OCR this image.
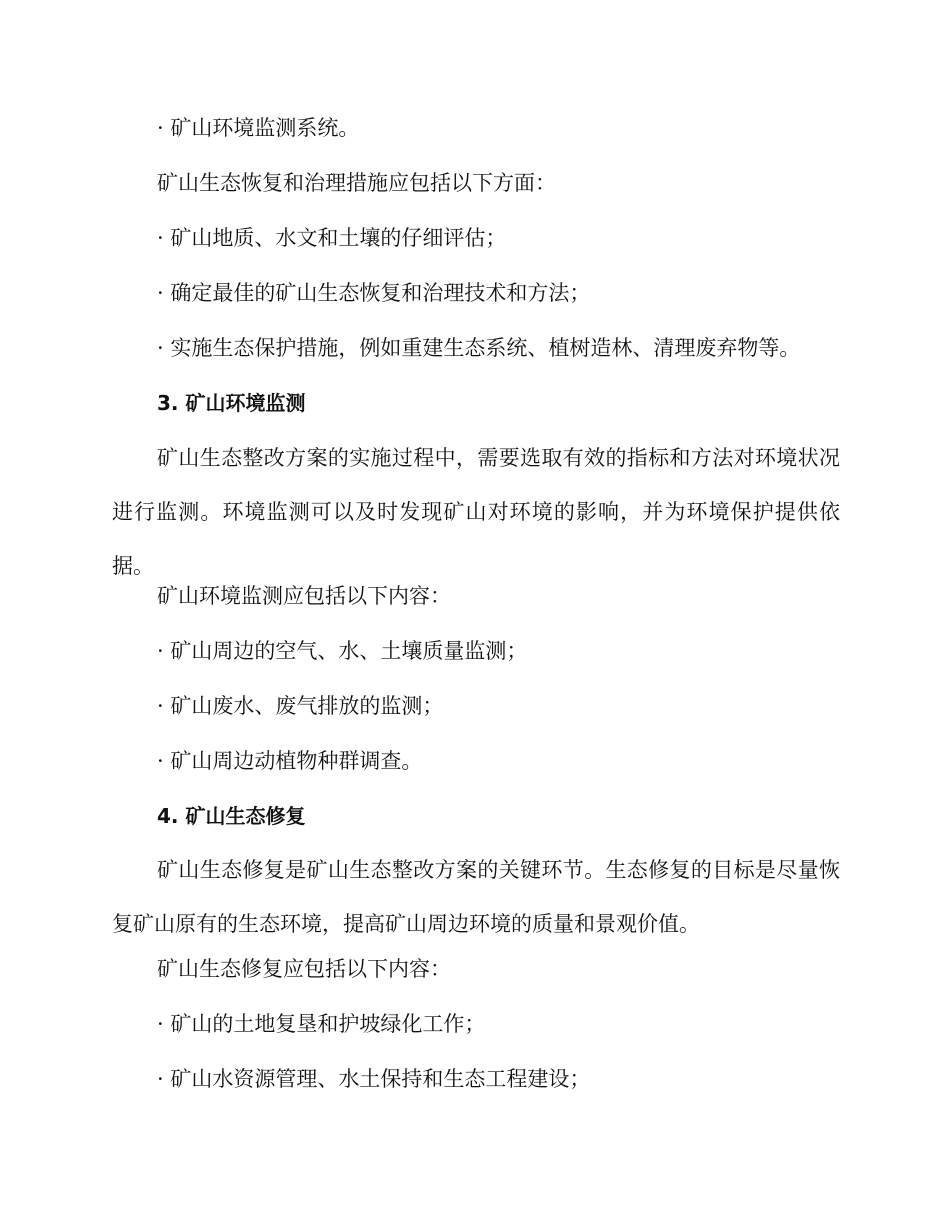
· 矿山环境监测系统。
矿山生态恢复和治理措施应包括以下方面：
· 矿山地质、水文和土壤的仔细评估；
· 确定最佳的矿山生态恢复和治理技术和方法；
· 实施生态保护措施，例如重建生态系统、植树造林、清理废弃物等。
3. 矿山环境监测
矿山生态整改方案的实施过程中，需要选取有效的指标和方法对环境状况进行监测。环境监测可以及时发现矿山对环境的影响，并为环境保护提供依据。
矿山环境监测应包括以下内容：
· 矿山周边的空气、水、土壤质量监测；
· 矿山废水、废气排放的监测；
· 矿山周边动植物种群调查。
4. 矿山生态修复
矿山生态修复是矿山生态整改方案的关键环节。生态修复的目标是尽量恢复矿山原有的生态环境，提高矿山周边环境的质量和景观价值。
矿山生态修复应包括以下内容：
· 矿山的土地复垦和护坡绿化工作；
· 矿山水资源管理、水土保持和生态工程建设；
